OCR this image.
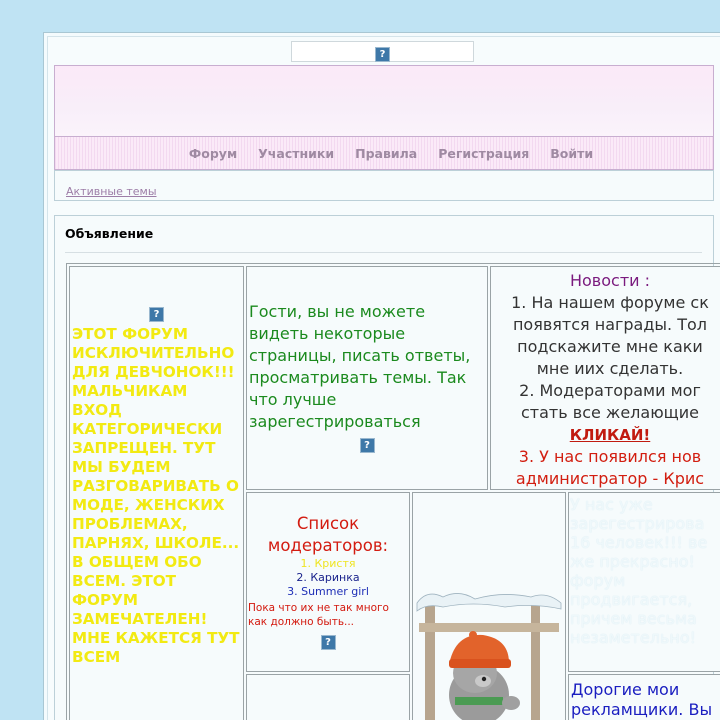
?
Форум Участники Правила Регистрация Войти
Активные темы
Объявление
?

ЭТОТ ФОРУМ ИСКЛЮЧИТЕЛЬНО ДЛЯ ДЕВЧОНОК!!! МАЛЬЧИКАМ ВХОД КАТЕГОРИЧЕСКИ ЗАПРЕЩЕН. ТУТ МЫ БУДЕМ РАЗГОВАРИВАТЬ О МОДЕ, ЖЕНСКИХ ПРОБЛЕМАХ, ПАРНЯХ, ШКОЛЕ... В ОБЩЕМ ОБО ВСЕМ. ЭТОТ ФОРУМ ЗАМЕЧАТЕЛЕН! МНЕ КАЖЕТСЯ ТУТ ВСЕМ

Гости, вы не можете видеть некоторые страницы, писать ответы, просматривать темы. Так что лучше зарегестрироваться

?
Новости :
1. На нашем форуме ск
появятся награды. Тол
подскажите мне каки
мне иих сделать.
2. Модераторами мог
стать все желающие
КЛИКАЙ!
3. У нас появился нов
администратор - Крис
Список модераторов:
1. Кристя
2. Каринка
3. Summer girl
Пока что их не так много как должно быть...
?

У нас уже

зарегестрирова

16 человек!!! ве

же прекрасно!

форум

продвигается,

причем весьма

незаметельно!

Дорогие мои

рекламщики. Вы
